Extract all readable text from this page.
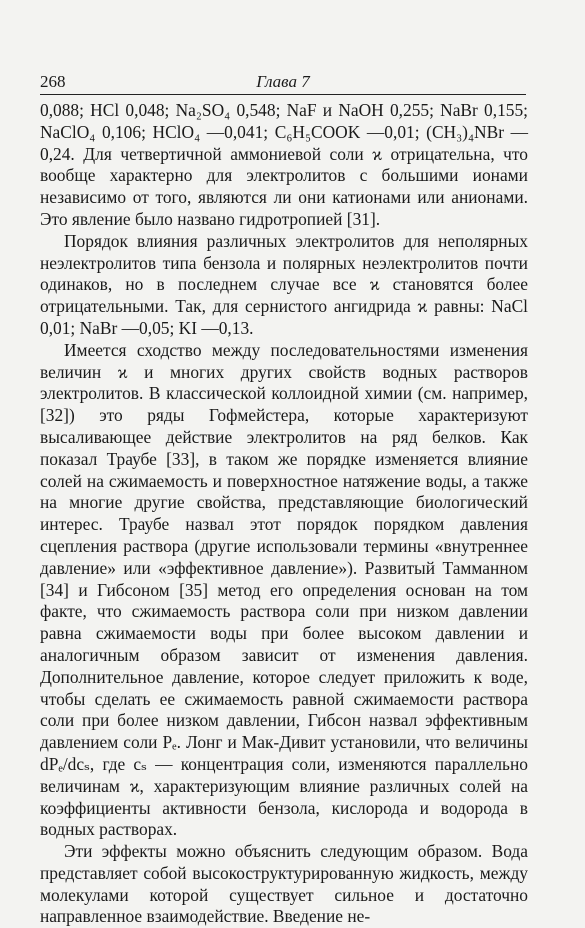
268	Глава 7

0,088; HCl 0,048; Na₂SO₄ 0,548; NaF и NaOH 0,255; NaBr 0,155; NaClO₄ 0,106; HClO₄ —0,041; C₆H₅COOK —0,01; (CH₃)₄NBr —0,24. Для четвертичной аммониевой соли ϰ отрицательна, что вообще характерно для электролитов с большими ионами независимо от того, являются ли они катионами или анионами. Это явление было названо гидротропией [31].

Порядок влияния различных электролитов для неполярных неэлектролитов типа бензола и полярных неэлектролитов почти одинаков, но в последнем случае все ϰ становятся более отрицательными. Так, для сернистого ангидрида ϰ равны: NaCl 0,01; NaBr —0,05; KI —0,13.

Имеется сходство между последовательностями изменения величин ϰ и многих других свойств водных растворов электролитов. В классической коллоидной химии (см. например, [32]) это ряды Гофмейстера, которые характеризуют высаливающее действие электролитов на ряд белков. Как показал Траубе [33], в таком же порядке изменяется влияние солей на сжимаемость и поверхностное натяжение воды, а также на многие другие свойства, представляющие биологический интерес. Траубе назвал этот порядок порядком давления сцепления раствора (другие использовали термины «внутреннее давление» или «эффективное давление»). Развитый Тамманном [34] и Гибсоном [35] метод его определения основан на том факте, что сжимаемость раствора соли при низком давлении равна сжимаемости воды при более высоком давлении и аналогичным образом зависит от изменения давления. Дополнительное давление, которое следует приложить к воде, чтобы сделать ее сжимаемость равной сжимаемости раствора соли при более низком давлении, Гибсон назвал эффективным давлением соли Pₑ. Лонг и Мак-Дивит установили, что величины dPₑ/dcₛ, где cₛ — концентрация соли, изменяются параллельно величинам ϰ, характеризующим влияние различных солей на коэффициенты активности бензола, кислорода и водорода в водных растворах.

Эти эффекты можно объяснить следующим образом. Вода представляет собой высокоструктурированную жидкость, между молекулами которой существует сильное и достаточно направленное взаимодействие. Введение не-
